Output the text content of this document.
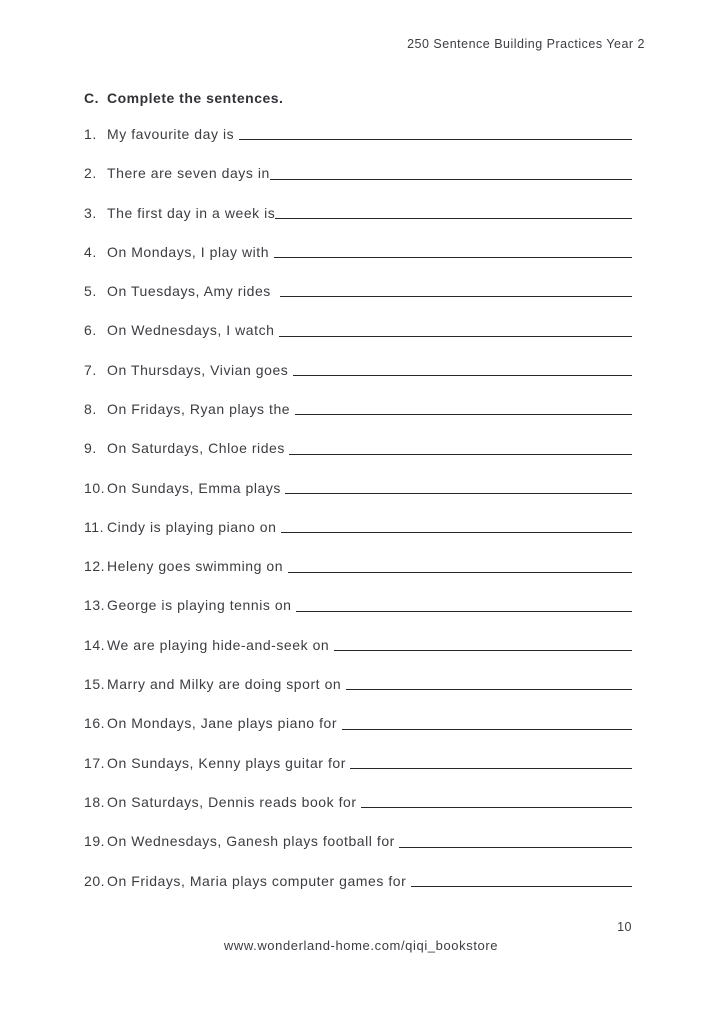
250 Sentence Building Practices Year 2
C. Complete the sentences.
1. My favourite day is
2. There are seven days in
3. The first day in a week is
4. On Mondays, I play with
5. On Tuesdays, Amy rides
6. On Wednesdays, I watch
7. On Thursdays, Vivian goes
8. On Fridays, Ryan plays the
9. On Saturdays, Chloe rides
10. On Sundays, Emma plays
11. Cindy is playing piano on
12. Heleny goes swimming on
13. George is playing tennis on
14. We are playing hide-and-seek on
15. Marry and Milky are doing sport on
16. On Mondays, Jane plays piano for
17. On Sundays, Kenny plays guitar for
18. On Saturdays, Dennis reads book for
19. On Wednesdays, Ganesh plays football for
20. On Fridays, Maria plays computer games for
10
www.wonderland-home.com/qiqi_bookstore
